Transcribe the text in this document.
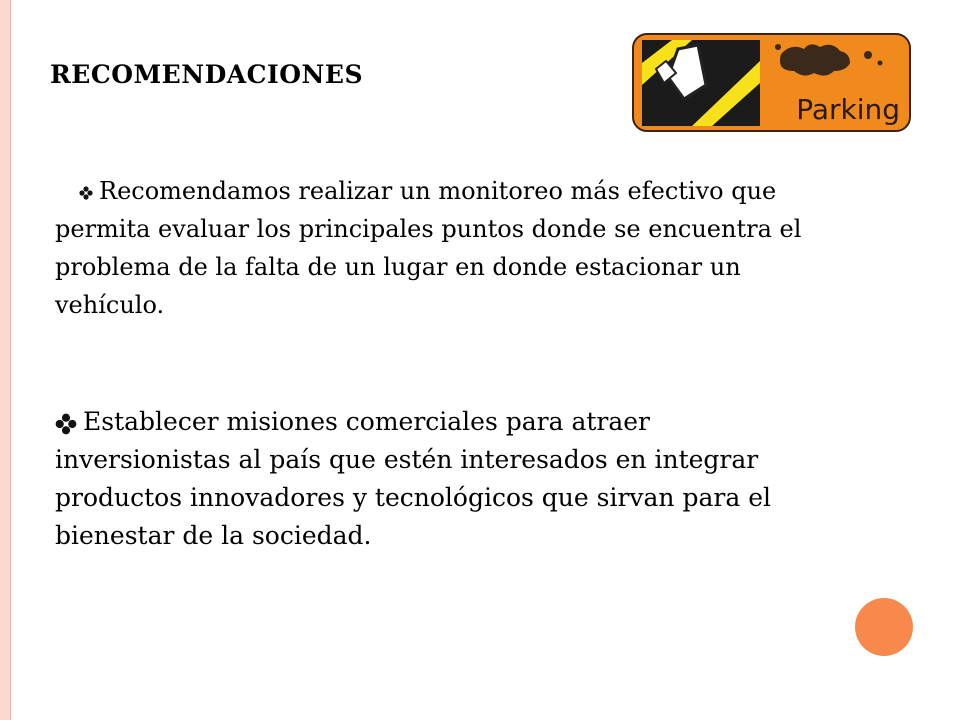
RECOMENDACIONES
Parking
Recomendamos realizar un monitoreo más efectivo que permita evaluar los principales puntos donde se encuentra el problema de la falta de un lugar en donde estacionar un vehículo.
Establecer misiones comerciales para atraer inversionistas al país que estén interesados en integrar productos innovadores y tecnológicos que sirvan para el bienestar de la sociedad.
